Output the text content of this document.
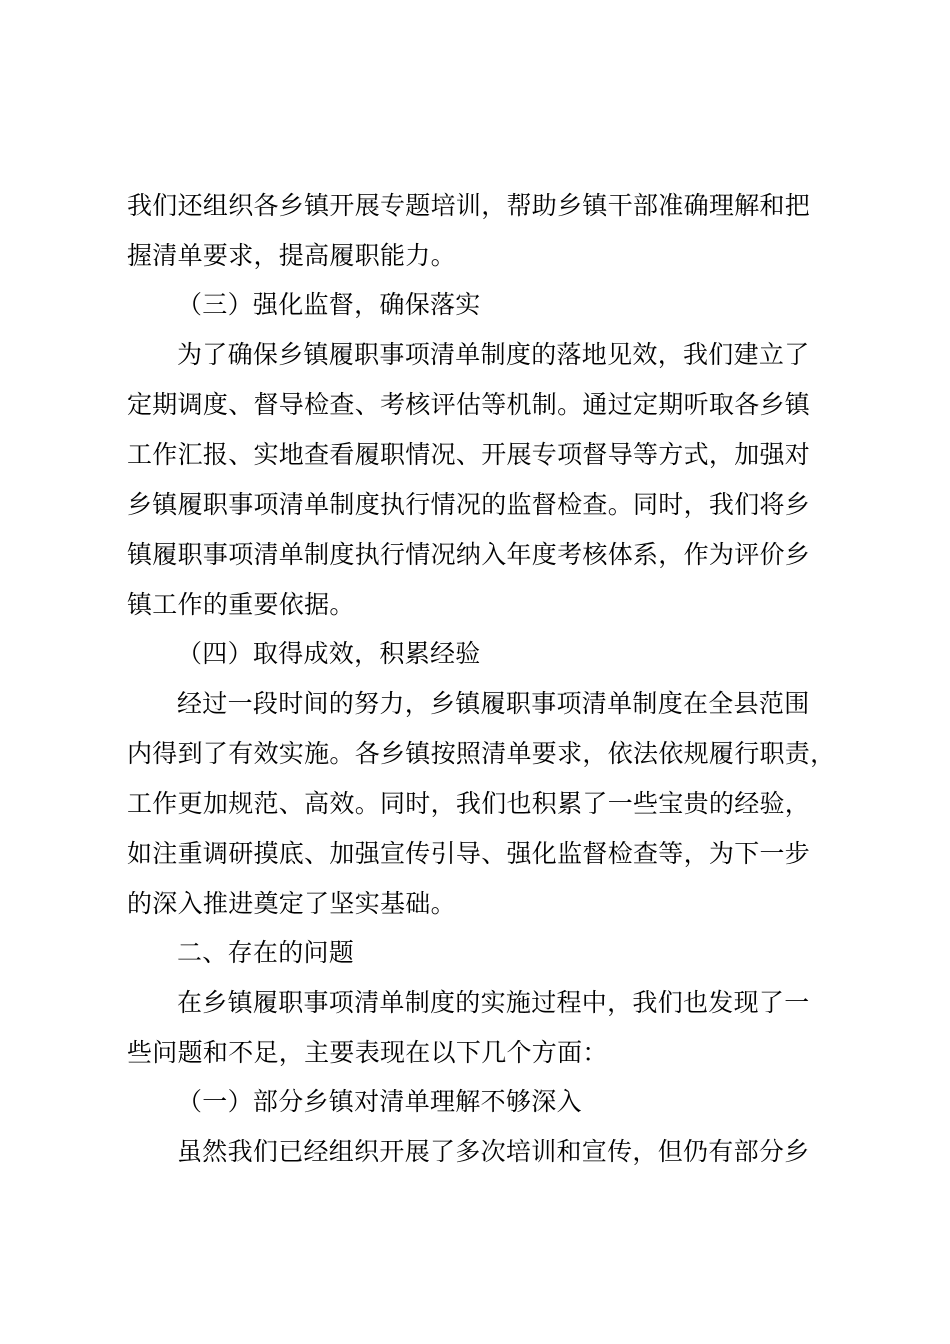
我们还组织各乡镇开展专题培训，帮助乡镇干部准确理解和把
握清单要求，提高履职能力。
（三）强化监督，确保落实
为了确保乡镇履职事项清单制度的落地见效，我们建立了
定期调度、督导检查、考核评估等机制。通过定期听取各乡镇
工作汇报、实地查看履职情况、开展专项督导等方式，加强对
乡镇履职事项清单制度执行情况的监督检查。同时，我们将乡
镇履职事项清单制度执行情况纳入年度考核体系，作为评价乡
镇工作的重要依据。
（四）取得成效，积累经验
经过一段时间的努力，乡镇履职事项清单制度在全县范围
内得到了有效实施。各乡镇按照清单要求，依法依规履行职责，
工作更加规范、高效。同时，我们也积累了一些宝贵的经验，
如注重调研摸底、加强宣传引导、强化监督检查等，为下一步
的深入推进奠定了坚实基础。
二、存在的问题
在乡镇履职事项清单制度的实施过程中，我们也发现了一
些问题和不足，主要表现在以下几个方面：
（一）部分乡镇对清单理解不够深入
虽然我们已经组织开展了多次培训和宣传，但仍有部分乡
